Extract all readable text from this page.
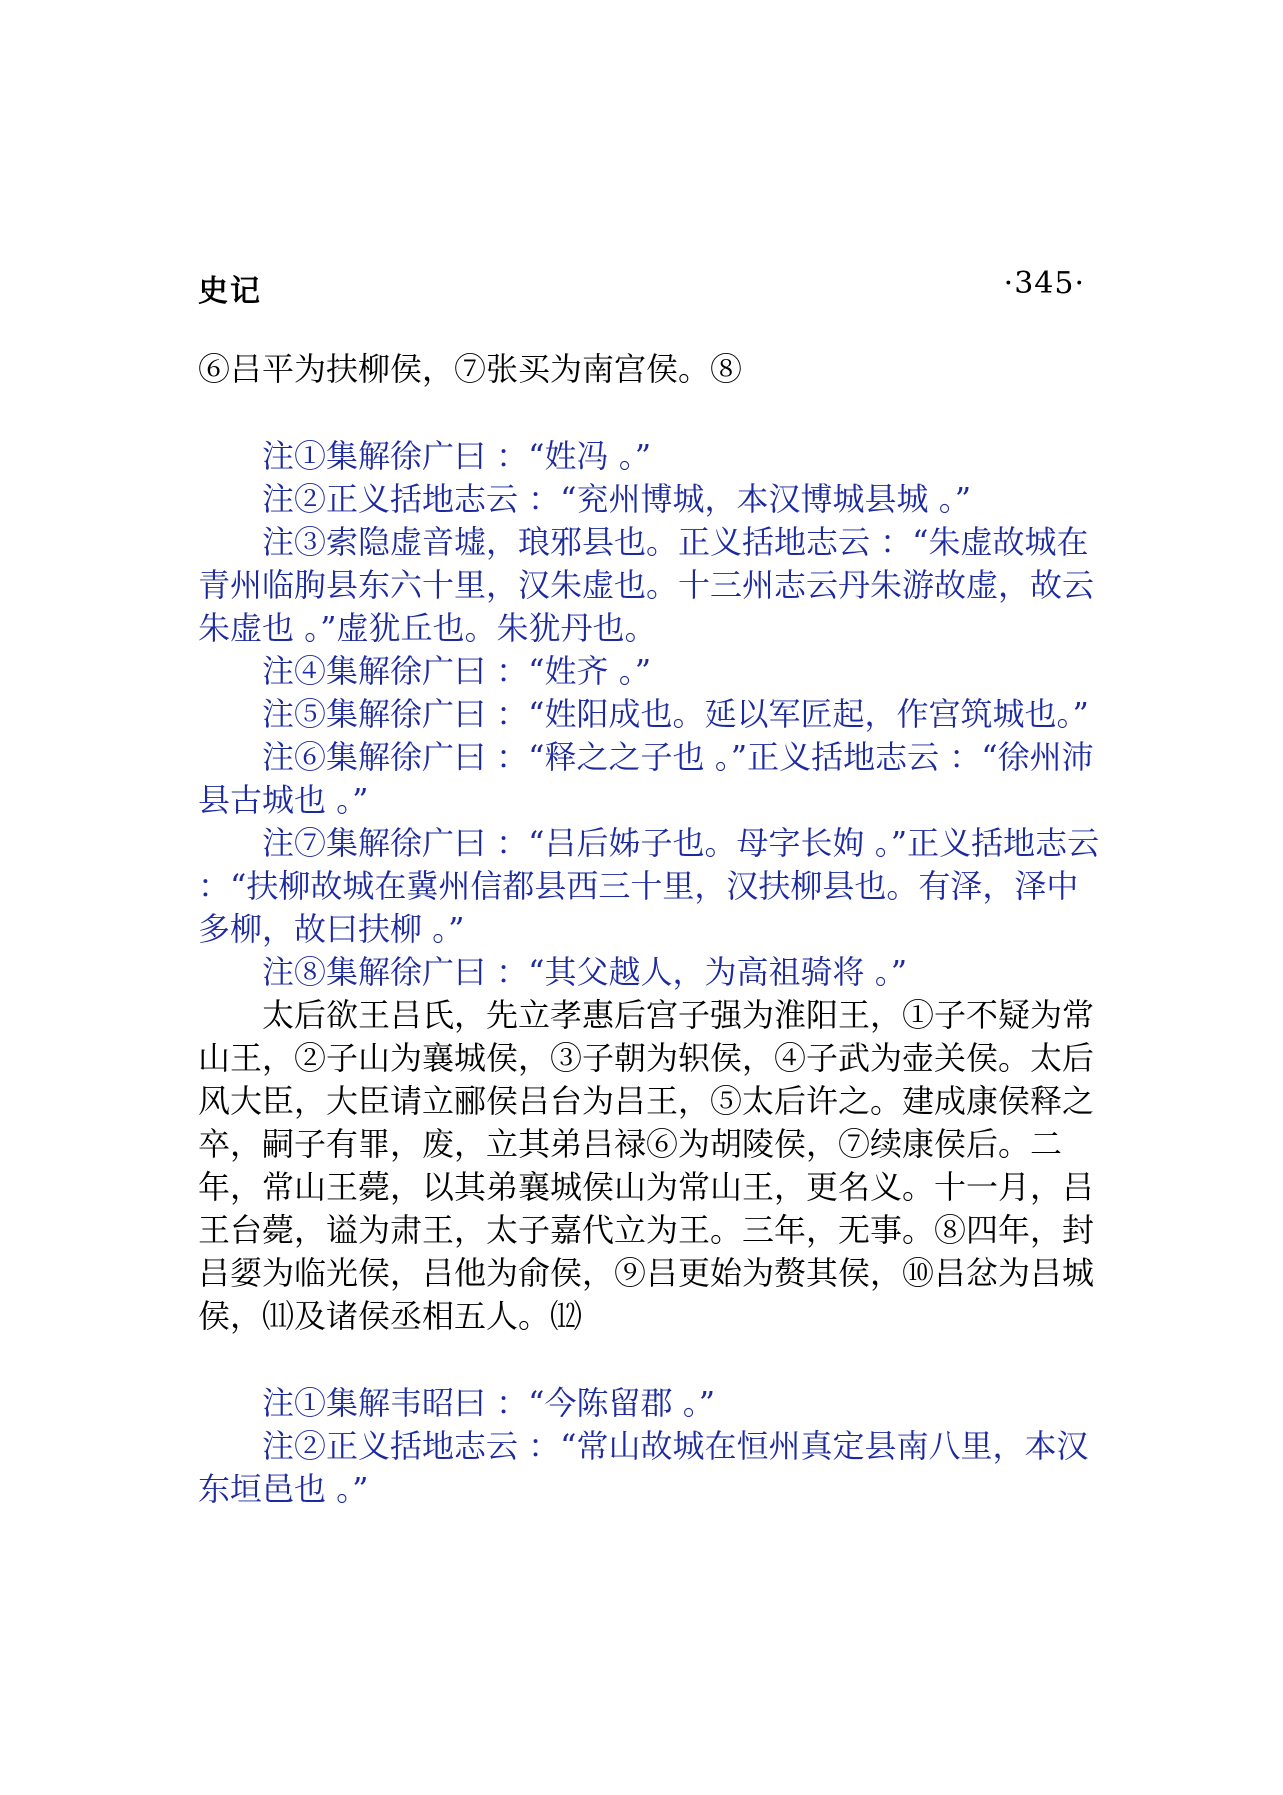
史记	·345·

⑥吕平为扶柳侯，⑦张买为南宫侯。⑧

注①集解徐广曰 ：“姓冯 。”

注②正义括地志云 ：“兖州博城，本汉博城县城 。”

注③索隐虚音墟，琅邪县也。正义括地志云 ：“朱虚故城在青州临朐县东六十里，汉朱虚也。十三州志云丹朱游故虚，故云朱虚也 。”虚犹丘也。朱犹丹也。

注④集解徐广曰 ：“姓齐 。”

注⑤集解徐广曰 ：“姓阳成也。延以军匠起，作宫筑城也。”

注⑥集解徐广曰 ：“释之之子也 。”正义括地志云 ：“徐州沛县古城也 。”

注⑦集解徐广曰 ：“吕后姊子也。母字长姁 。”正义括地志云 ：“扶柳故城在冀州信都县西三十里，汉扶柳县也。有泽，泽中多柳，故曰扶柳 。”

注⑧集解徐广曰 ：“其父越人，为高祖骑将 。”

太后欲王吕氏，先立孝惠后宫子强为淮阳王，①子不疑为常山王，②子山为襄城侯，③子朝为轵侯，④子武为壶关侯。太后风大臣，大臣请立郦侯吕台为吕王，⑤太后许之。建成康侯释之卒，嗣子有罪，废，立其弟吕禄⑥为胡陵侯，⑦续康侯后。二年，常山王薨，以其弟襄城侯山为常山王，更名义。十一月，吕王台薨，谥为肃王，太子嘉代立为王。三年，无事。⑧四年，封吕媭为临光侯，吕他为俞侯，⑨吕更始为赘其侯，⑩吕忿为吕城侯，⑾及诸侯丞相五人。⑿

注①集解韦昭曰 ：“今陈留郡 。”

注②正义括地志云 ：“常山故城在恒州真定县南八里，本汉东垣邑也 。”
